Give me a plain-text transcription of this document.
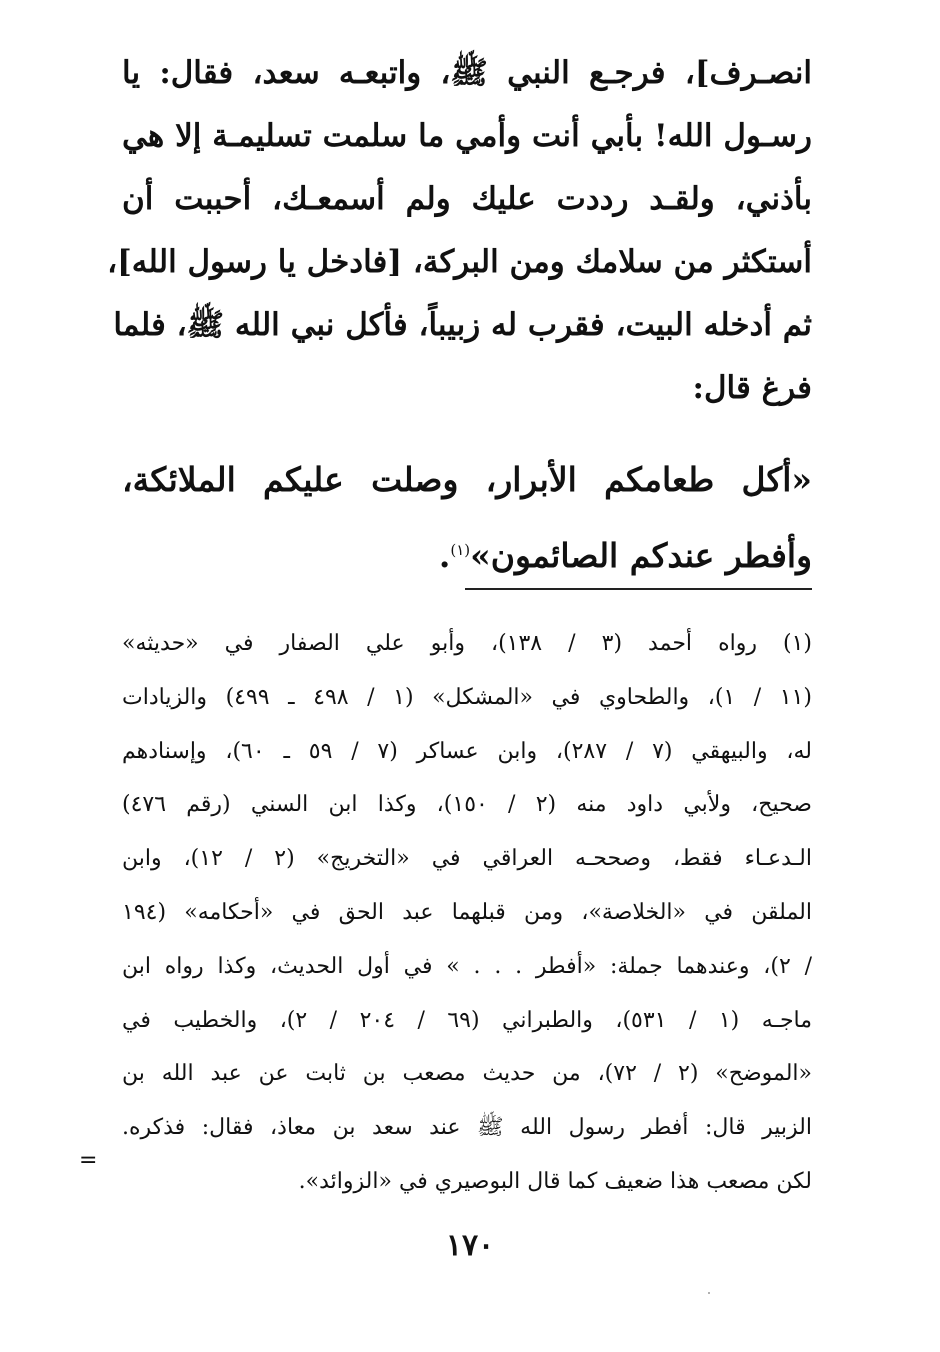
انصـرف]، فرجـع النبي ﷺ، واتبعـه سعد، فقال: يا
رسـول الله! بأبي أنت وأمي ما سلمت تسليمـة إلا هي
بأذني، ولقـد رددت عليك ولم أسمعـك، أحببت أن
أستكثر من سلامك ومن البركة، [فادخل يا رسول الله]،
ثم أدخله البيت، فقرب له زبيباً، فأكل نبي الله ﷺ، فلما
فرغ قال:
«أكل طعامكم الأبرار، وصلت عليكم الملائكة،
وأفطر عندكم الصائمون»$^{(١)}$.
(١) رواه أحمد (٣ / ١٣٨)، وأبو علي الصفار في «حديثه»
(١١ / ١)، والطحاوي في «المشكل» (١ / ٤٩٨ ـ ٤٩٩) والزيادات
له، والبيهقي (٧ / ٢٨٧)، وابن عساكر (٧ / ٥٩ ـ ٦٠)، وإسنادهم
صحيح، ولأبي داود منه (٢ / ١٥٠)، وكذا ابن السني (رقم ٤٧٦)
الـدعـاء فقط، وصححـه العراقي في «التخريج» (٢ / ١٢)، وابن
الملقن في «الخلاصة»، ومن قبلهما عبد الحق في «أحكامه» (١٩٤
/ ٢)، وعندهما جملة: «أفطر . . . » في أول الحديث، وكذا رواه ابن
ماجـه (١ / ٥٣١)، والطبراني (٦٩ / ٢٠٤ / ٢)، والخطيب في
«الموضح» (٢ / ٧٢)، من حديث مصعب بن ثابت عن عبد الله بن
الزبير قال: أفطر رسول الله ﷺ عند سعد بن معاذ، فقال: فذكره.
لكن مصعب هذا ضعيف كما قال البوصيري في «الزوائد».
=
١٧٠
